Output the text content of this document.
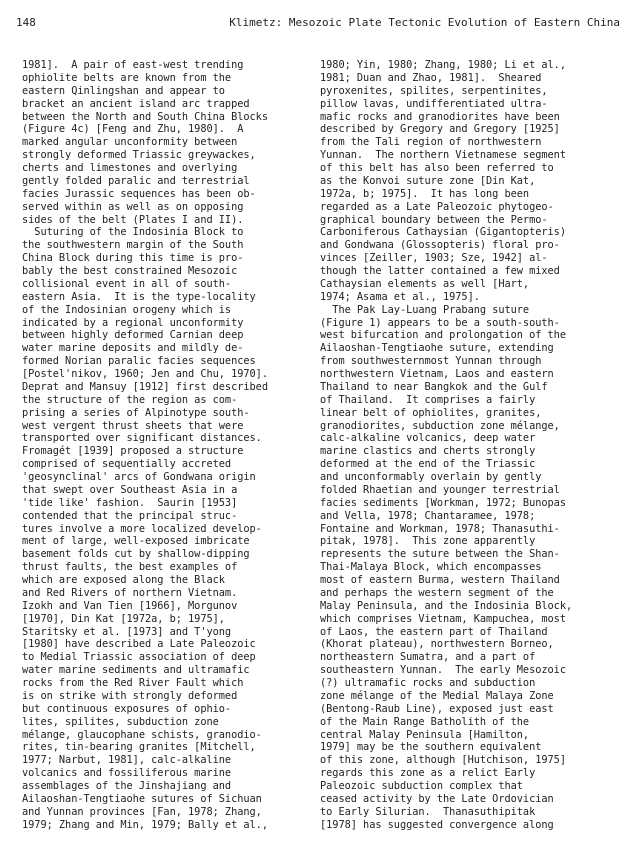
148	Klimetz: Mesozoic Plate Tectonic Evolution of Eastern China
1981].  A pair of east-west trending
ophiolite belts are known from the
eastern Qinlingshan and appear to
bracket an ancient island arc trapped
between the North and South China Blocks
(Figure 4c) [Feng and Zhu, 1980].  A
marked angular unconformity between
strongly deformed Triassic greywackes,
cherts and limestones and overlying
gently folded paralic and terrestrial
facies Jurassic sequences has been ob-
served within as well as on opposing
sides of the belt (Plates I and II).
Suturing of the Indosinia Block to
the southwestern margin of the South
China Block during this time is pro-
bably the best constrained Mesozoic
collisional event in all of south-
eastern Asia.  It is the type-locality
of the Indosinian orogeny which is
indicated by a regional unconformity
between highly deformed Carnian deep
water marine deposits and mildly de-
formed Norian paralic facies sequences
[Postel'nikov, 1960; Jen and Chu, 1970].
Deprat and Mansuy [1912] first described
the structure of the region as com-
prising a series of Alpinotype south-
west vergent thrust sheets that were
transported over significant distances.
Fromagét [1939] proposed a structure
comprised of sequentially accreted
'geosynclinal' arcs of Gondwana origin
that swept over Southeast Asia in a
'tide like' fashion.  Saurin [1953]
contended that the principal struc-
tures involve a more localized develop-
ment of large, well-exposed imbricate
basement folds cut by shallow-dipping
thrust faults, the best examples of
which are exposed along the Black
and Red Rivers of northern Vietnam.
Izokh and Van Tien [1966], Morgunov
[1970], Din Kat [1972a, b; 1975],
Staritsky et al. [1973] and T'yong
[1980] have described a Late Paleozoic
to Medial Triassic association of deep
water marine sediments and ultramafic
rocks from the Red River Fault which
is on strike with strongly deformed
but continuous exposures of ophio-
lites, spilites, subduction zone
mélange, glaucophane schists, granodio-
rites, tin-bearing granites [Mitchell,
1977; Narbut, 1981], calc-alkaline
volcanics and fossiliferous marine
assemblages of the Jinshajiang and
Ailaoshan-Tengtiaohe sutures of Sichuan
and Yunnan provinces [Fan, 1978; Zhang,
1979; Zhang and Min, 1979; Bally et al.,
1980; Yin, 1980; Zhang, 1980; Li et al.,
1981; Duan and Zhao, 1981].  Sheared
pyroxenites, spilites, serpentinites,
pillow lavas, undifferentiated ultra-
mafic rocks and granodiorites have been
described by Gregory and Gregory [1925]
from the Tali region of northwestern
Yunnan.  The northern Vietnamese segment
of this belt has also been referred to
as the Konvoi suture zone [Din Kat,
1972a, b; 1975].  It has long been
regarded as a Late Paleozoic phytogeo-
graphical boundary between the Permo-
Carboniferous Cathaysian (Gigantopteris)
and Gondwana (Glossopteris) floral pro-
vinces [Zeiller, 1903; Sze, 1942] al-
though the latter contained a few mixed
Cathaysian elements as well [Hart,
1974; Asama et al., 1975].
The Pak Lay-Luang Prabang suture
(Figure 1) appears to be a south-south-
west bifurcation and prolongation of the
Ailaoshan-Tengtiaohe suture, extending
from southwesternmost Yunnan through
northwestern Vietnam, Laos and eastern
Thailand to near Bangkok and the Gulf
of Thailand.  It comprises a fairly
linear belt of ophiolites, granites,
granodiorites, subduction zone mélange,
calc-alkaline volcanics, deep water
marine clastics and cherts strongly
deformed at the end of the Triassic
and unconformably overlain by gently
folded Rhaetian and younger terrestrial
facies sediments [Workman, 1972; Bunopas
and Vella, 1978; Chantaramee, 1978;
Fontaine and Workman, 1978; Thanasuthi-
pitak, 1978].  This zone apparently
represents the suture between the Shan-
Thai-Malaya Block, which encompasses
most of eastern Burma, western Thailand
and perhaps the western segment of the
Malay Peninsula, and the Indosinia Block,
which comprises Vietnam, Kampuchea, most
of Laos, the eastern part of Thailand
(Khorat plateau), northwestern Borneo,
northeastern Sumatra, and a part of
southeastern Yunnan.  The early Mesozoic
(?) ultramafic rocks and subduction
zone mélange of the Medial Malaya Zone
(Bentong-Raub Line), exposed just east
of the Main Range Batholith of the
central Malay Peninsula [Hamilton,
1979] may be the southern equivalent
of this zone, although [Hutchison, 1975]
regards this zone as a relict Early
Paleozoic subduction complex that
ceased activity by the Late Ordovician
to Early Silurian.  Thanasuthipitak
[1978] has suggested convergence along
